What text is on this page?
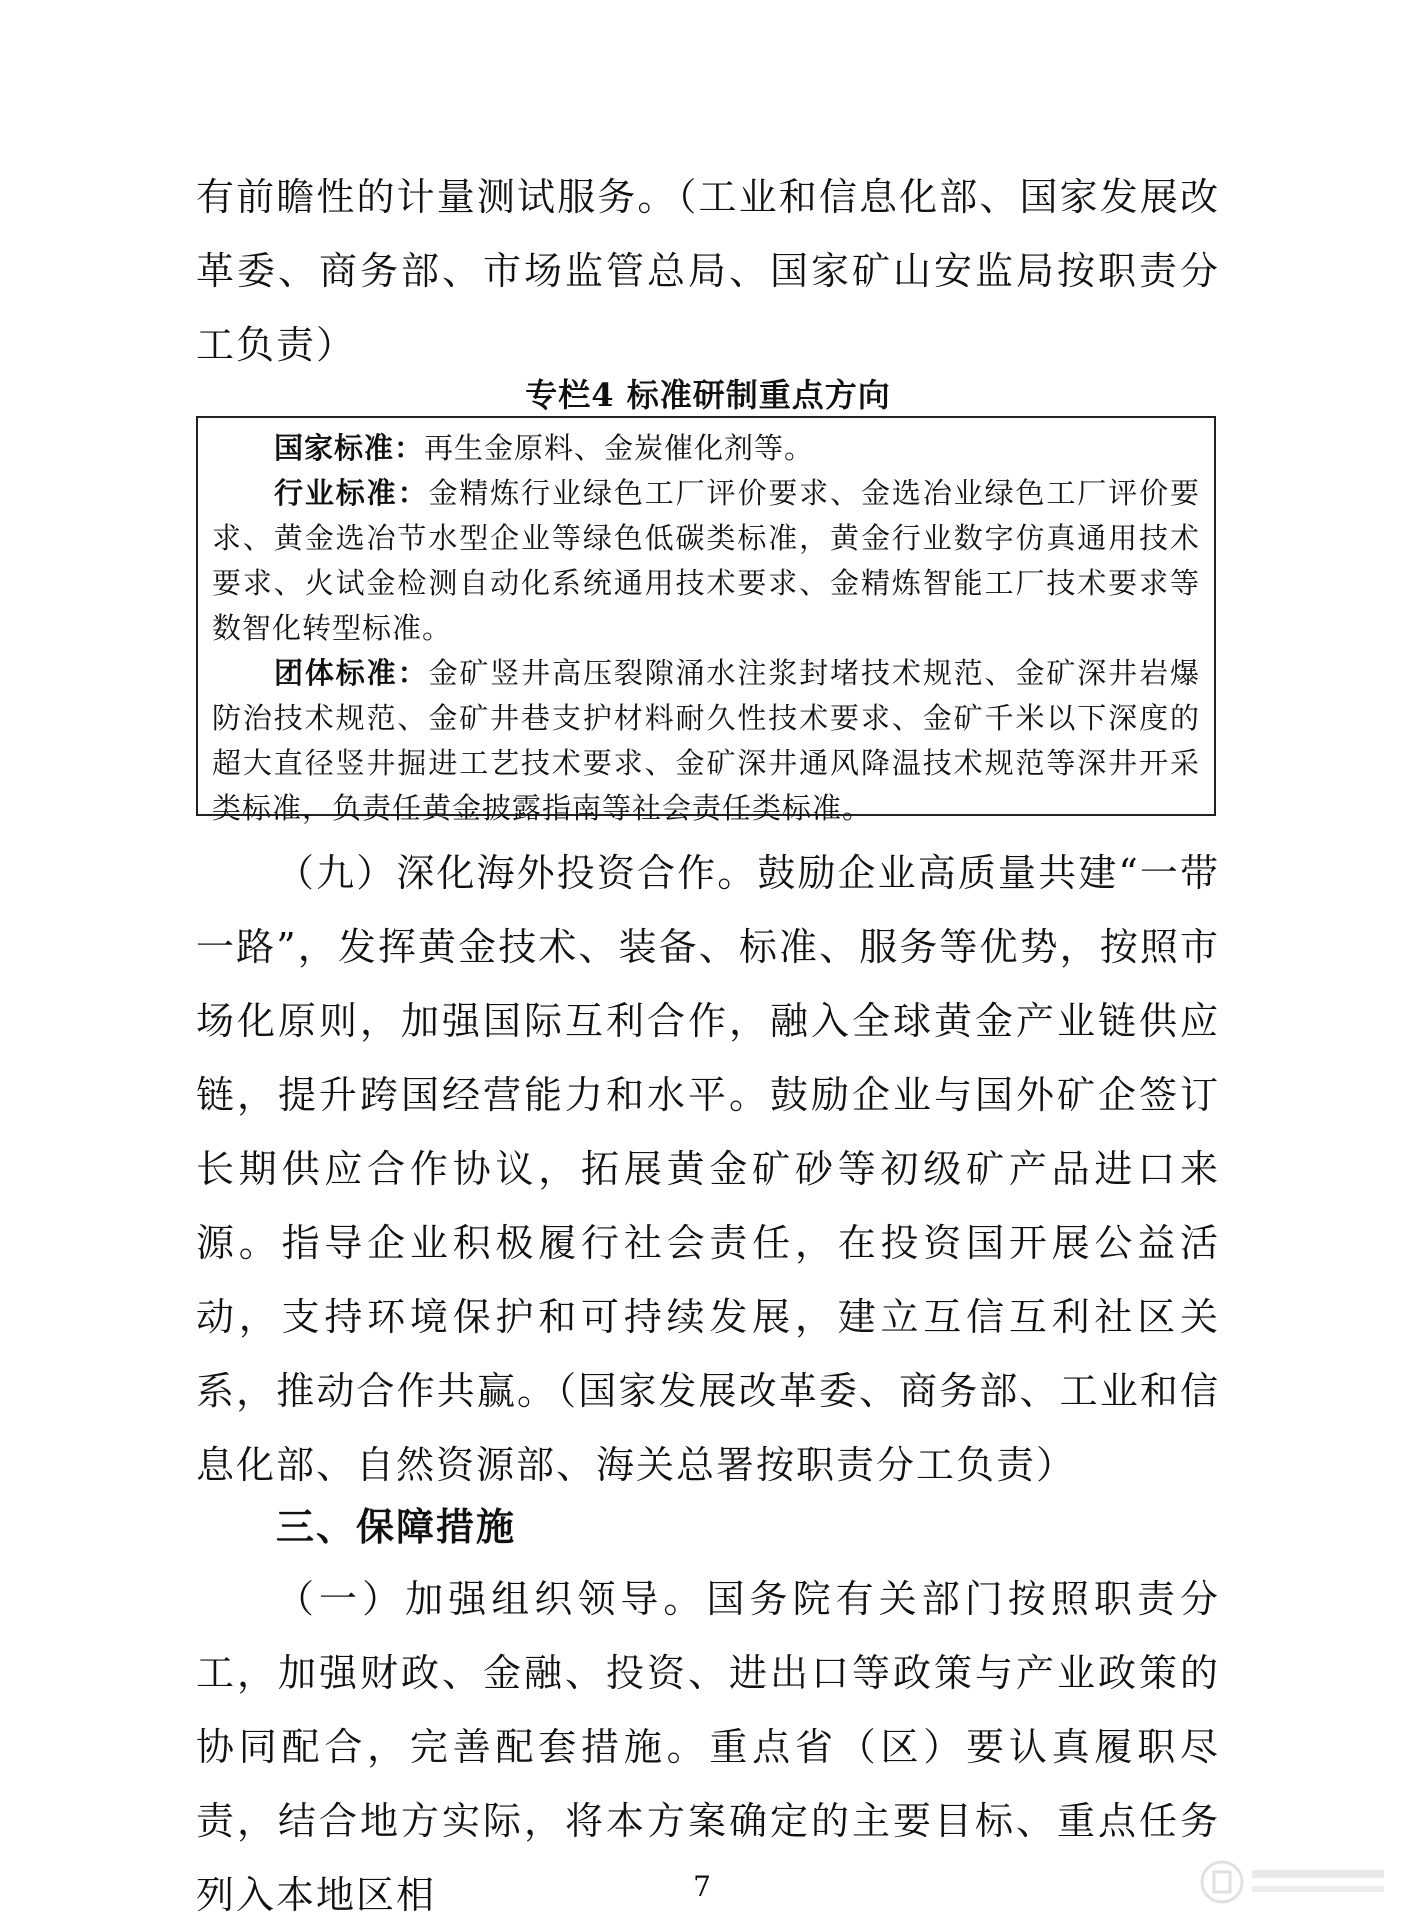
有前瞻性的计量测试服务。（工业和信息化部、国家发展改革委、商务部、市场监管总局、国家矿山安监局按职责分工负责）
专栏4 标准研制重点方向

国家标准：再生金原料、金炭催化剂等。

行业标准：金精炼行业绿色工厂评价要求、金选冶业绿色工厂评价要求、黄金选冶节水型企业等绿色低碳类标准，黄金行业数字仿真通用技术要求、火试金检测自动化系统通用技术要求、金精炼智能工厂技术要求等数智化转型标准。

团体标准：金矿竖井高压裂隙涌水注浆封堵技术规范、金矿深井岩爆防治技术规范、金矿井巷支护材料耐久性技术要求、金矿千米以下深度的超大直径竖井掘进工艺技术要求、金矿深井通风降温技术规范等深井开采类标准，负责任黄金披露指南等社会责任类标准。

（九）深化海外投资合作。鼓励企业高质量共建“一带一路”，发挥黄金技术、装备、标准、服务等优势，按照市场化原则，加强国际互利合作，融入全球黄金产业链供应链，提升跨国经营能力和水平。鼓励企业与国外矿企签订长期供应合作协议，拓展黄金矿砂等初级矿产品进口来源。指导企业积极履行社会责任，在投资国开展公益活动，支持环境保护和可持续发展，建立互信互利社区关系，推动合作共赢。（国家发展改革委、商务部、工业和信息化部、自然资源部、海关总署按职责分工负责）
三、保障措施
（一）加强组织领导。国务院有关部门按照职责分工，加强财政、金融、投资、进出口等政策与产业政策的协同配合，完善配套措施。重点省（区）要认真履职尽责，结合地方实际，将本方案确定的主要目标、重点任务列入本地区相	7
